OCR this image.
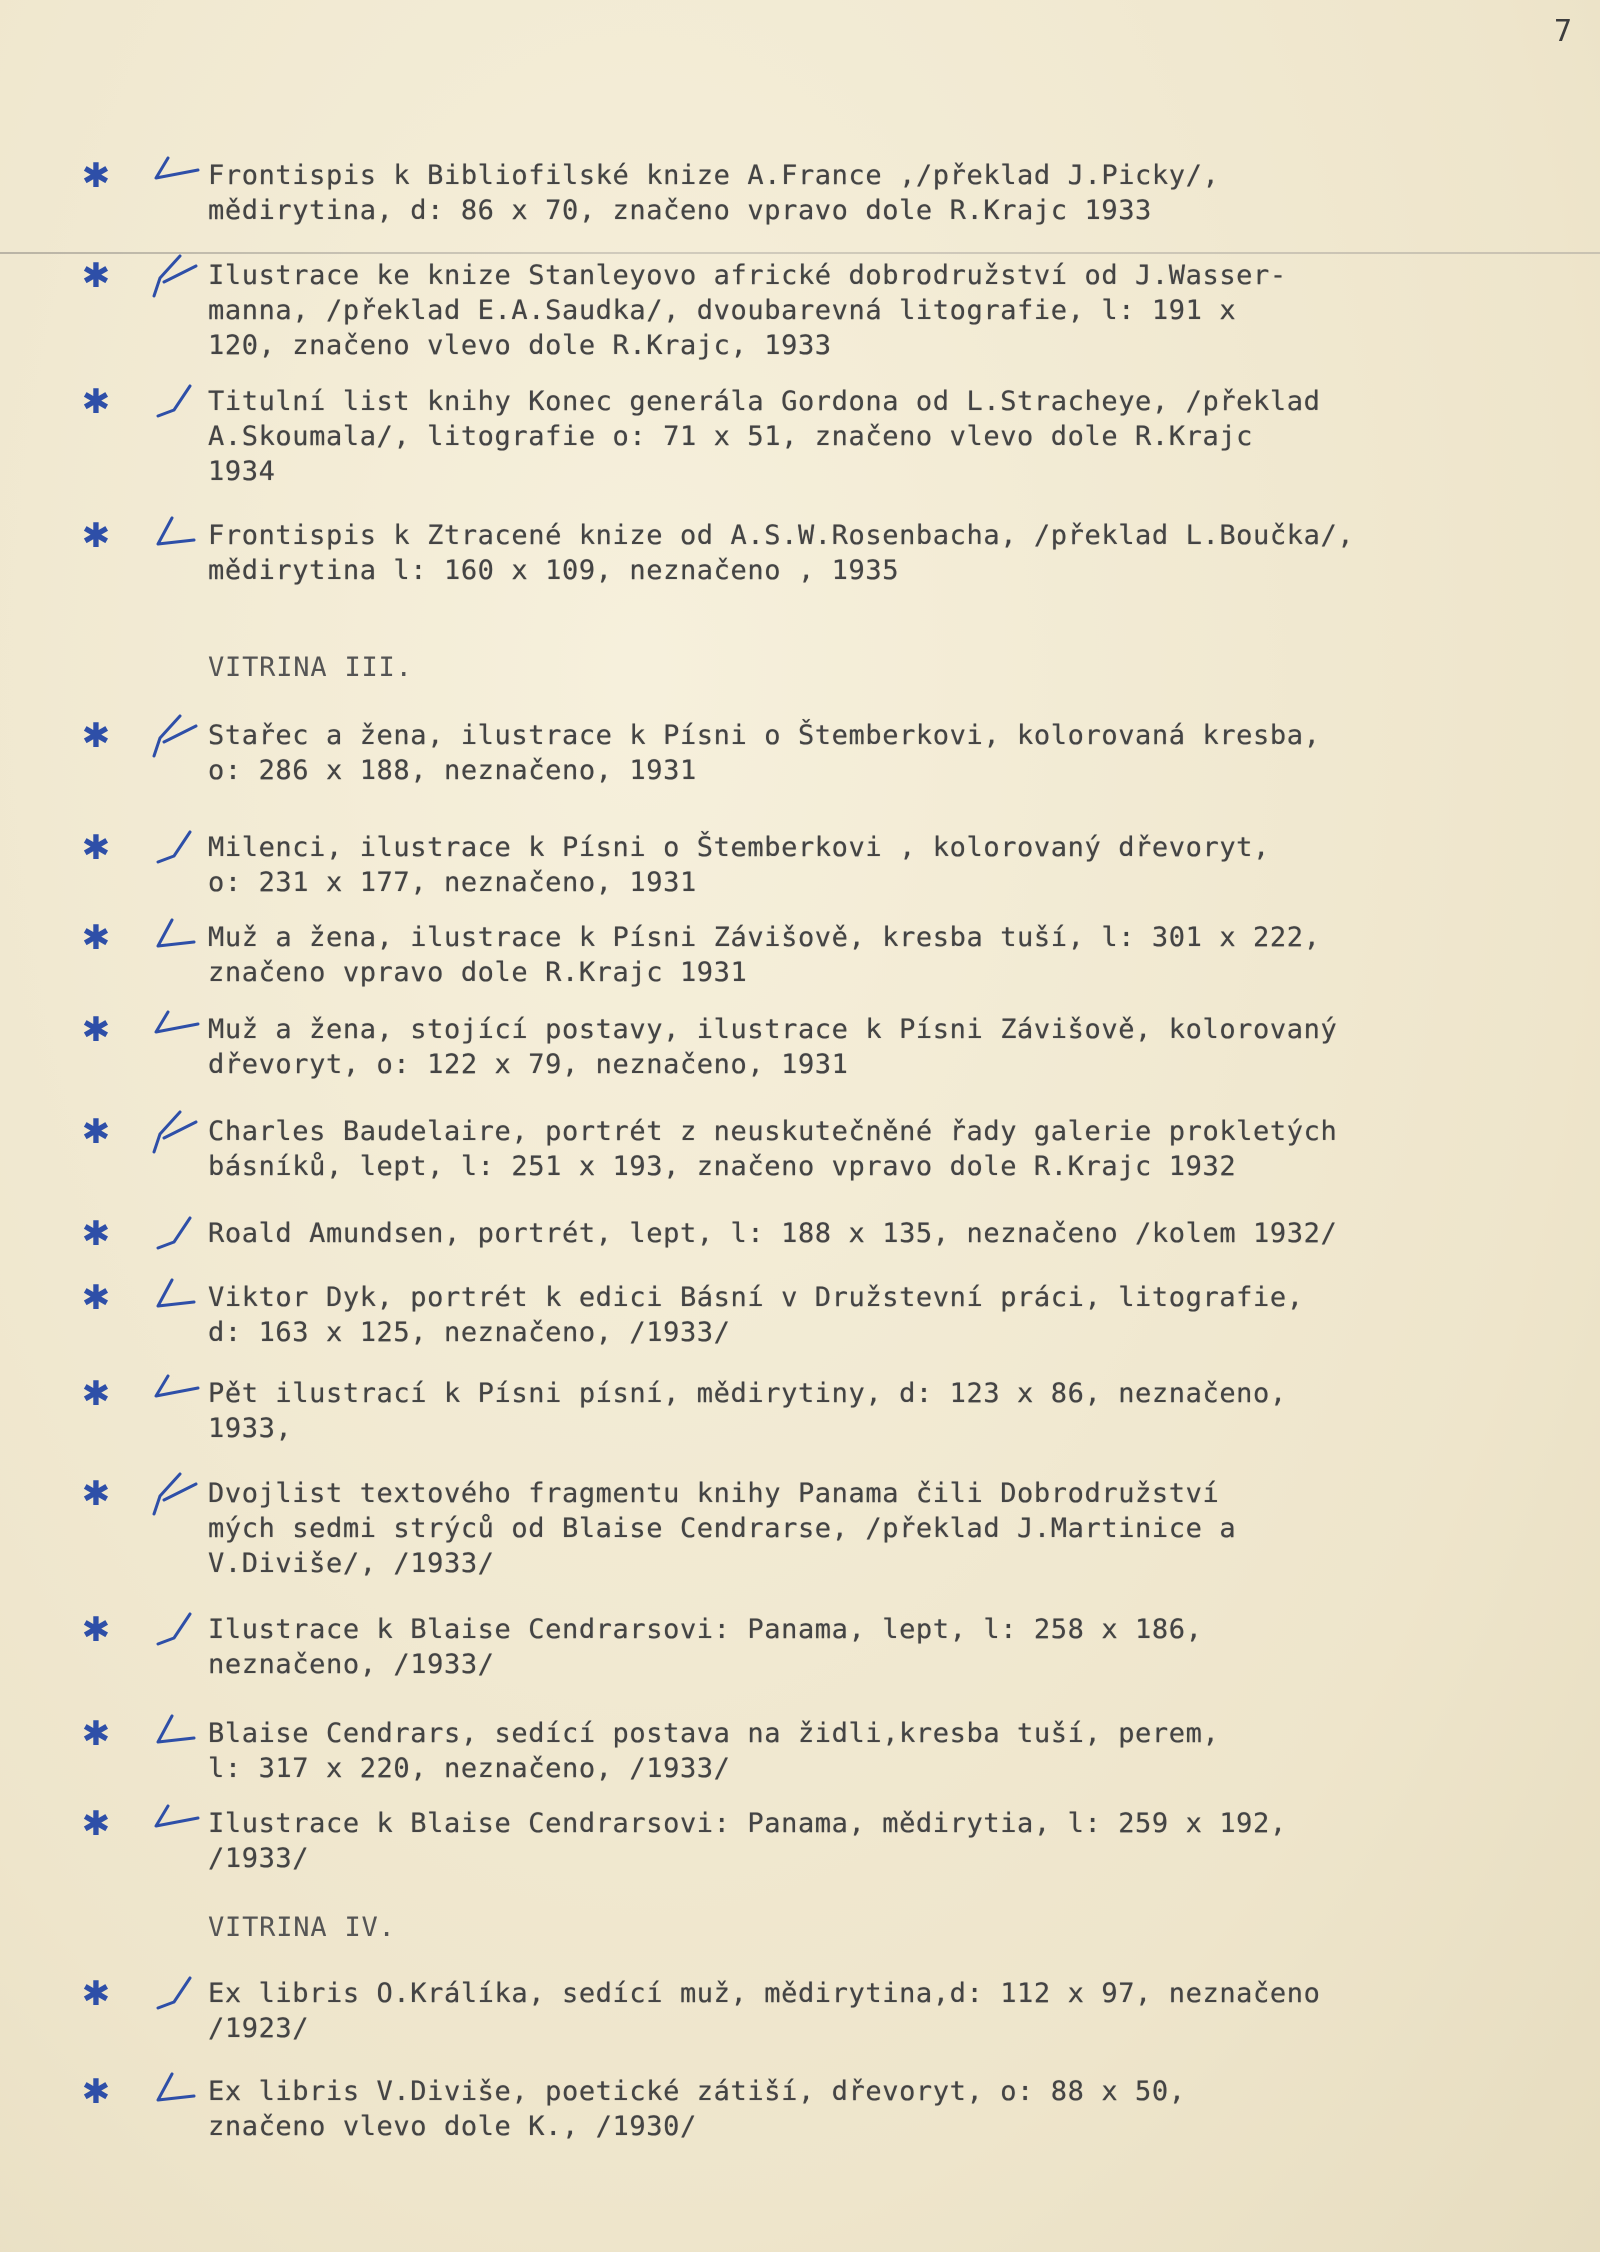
7
✱	Frontispis k Bibliofilské knize A.France ,/překlad J.Picky/,
mědirytina, d: 86 x 70, značeno vpravo dole R.Krajc 1933
✱	Ilustrace ke knize Stanleyovo africké dobrodružství od J.Wasser-
manna, /překlad E.A.Saudka/, dvoubarevná litografie, l: 191 x
120, značeno vlevo dole R.Krajc, 1933
✱	Titulní list knihy Konec generála Gordona od L.Stracheye, /překlad
A.Skoumala/, litografie o: 71 x 51, značeno vlevo dole R.Krajc
1934
✱	Frontispis k Ztracené knize od A.S.W.Rosenbacha, /překlad L.Boučka/,
mědirytina l: 160 x 109, neznačeno , 1935
VITRINA III.
✱	Stařec a žena, ilustrace k Písni o Štemberkovi, kolorovaná kresba,
o: 286 x 188, neznačeno, 1931
✱	Milenci, ilustrace k Písni o Štemberkovi , kolorovaný dřevoryt,
o: 231 x 177, neznačeno, 1931
✱	Muž a žena, ilustrace k Písni Závišově, kresba tuší, l: 301 x 222,
značeno vpravo dole R.Krajc 1931
✱	Muž a žena, stojící postavy, ilustrace k Písni Závišově, kolorovaný
dřevoryt, o: 122 x 79, neznačeno, 1931
✱	Charles Baudelaire, portrét z neuskutečněné řady galerie prokletých
básníků, lept, l: 251 x 193, značeno vpravo dole R.Krajc 1932
✱	Roald Amundsen, portrét, lept, l: 188 x 135, neznačeno /kolem 1932/
✱	Viktor Dyk, portrét k edici Básní v Družstevní práci, litografie,
d: 163 x 125, neznačeno, /1933/
✱	Pět ilustrací k Písni písní, mědirytiny, d: 123 x 86, neznačeno,
1933,
✱	Dvojlist textového fragmentu knihy Panama čili Dobrodružství
mých sedmi strýců od Blaise Cendrarse, /překlad J.Martinice a
V.Diviše/, /1933/
✱	Ilustrace k Blaise Cendrarsovi: Panama, lept, l: 258 x 186,
neznačeno, /1933/
✱	Blaise Cendrars, sedící postava na židli,kresba tuší, perem,
l: 317 x 220, neznačeno, /1933/
✱	Ilustrace k Blaise Cendrarsovi: Panama, mědirytia, l: 259 x 192,
/1933/
VITRINA IV.
✱	Ex libris O.Králíka, sedící muž, mědirytina,d: 112 x 97, neznačeno
/1923/
✱	Ex libris V.Diviše, poetické zátiší, dřevoryt, o: 88 x 50,
značeno vlevo dole K., /1930/
